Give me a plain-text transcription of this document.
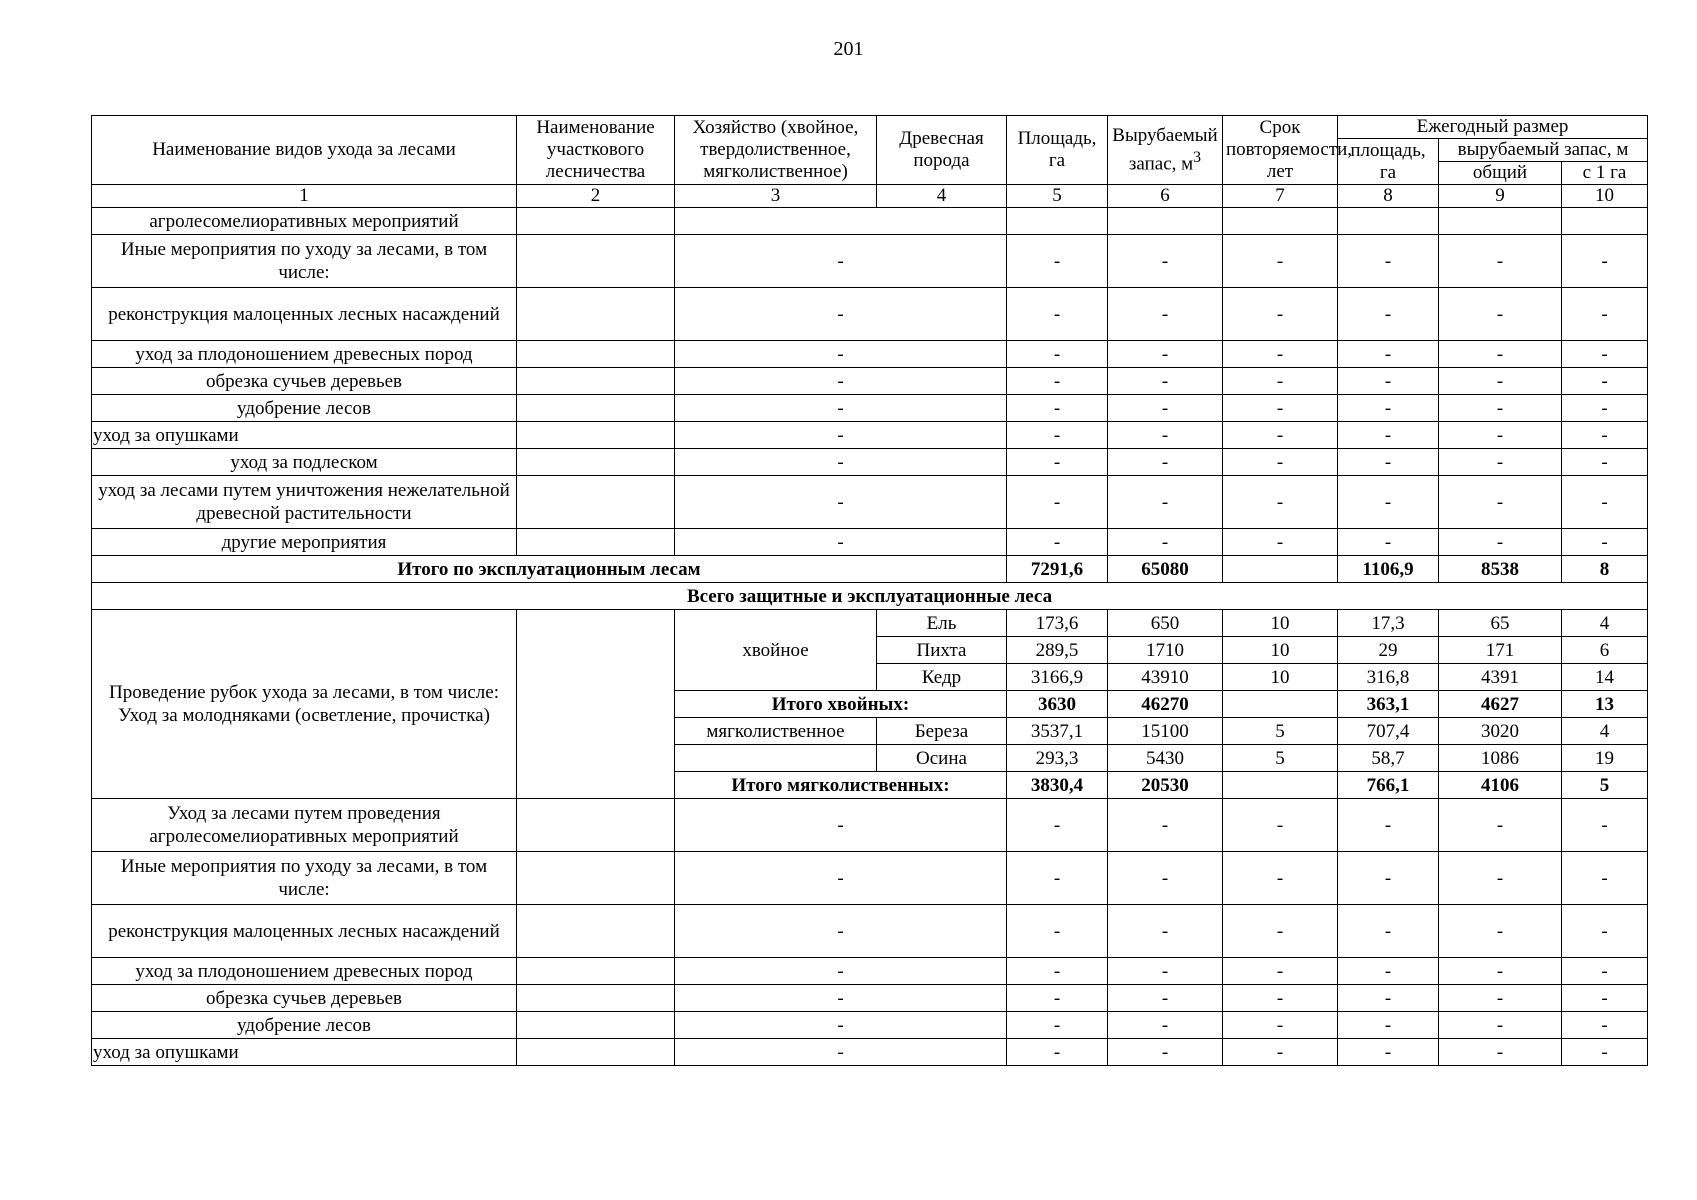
201
Наименование видов ухода за лесами	Наименование участкового лесничества	Хозяйство (хвойное, твердолиственное, мягколиственное)	Древесная порода	Площадь, га	Вырубаемый запас, $м^3$	Срок повторяемости, лет	Ежегодный размер		
							площадь, га	вырубаемый запас, м	
								общий	с 1 га
1	2	3	4	5	6	7	8	9	10
агролесомелиоративных мероприятий									
Иные мероприятия по уходу за лесами, в том числе:		-		-	-	-	-	-	-
реконструкция малоценных лесных насаждений		-		-	-	-	-	-	-
уход за плодоношением древесных пород		-		-	-	-	-	-	-
обрезка сучьев деревьев		-		-	-	-	-	-	-
удобрение лесов		-		-	-	-	-	-	-
уход за опушками		-		-	-	-	-	-	-
уход за подлеском		-		-	-	-	-	-	-
уход за лесами путем уничтожения нежелательной древесной растительности		-		-	-	-	-	-	-
другие мероприятия		-		-	-	-	-	-	-
Итого по эксплуатационным лесам				7291,6	65080		1106,9	8538	8
Всего защитные и эксплуатационные леса									
Проведение рубок ухода за лесами, в том числе: Уход за молодняками (осветление, прочистка)		хвойное	Ель	173,6	650	10	17,3	65	4
			Пихта	289,5	1710	10	29	171	6
			Кедр	3166,9	43910	10	316,8	4391	14
		Итого хвойных:		3630	46270		363,1	4627	13
		мягколиственное	Береза	3537,1	15100	5	707,4	3020	4
			Осина	293,3	5430	5	58,7	1086	19
		Итого мягколиственных:		3830,4	20530		766,1	4106	5
Уход за лесами путем проведения агролесомелиоративных мероприятий		-		-	-	-	-	-	-
Иные мероприятия по уходу за лесами, в том числе:		-		-	-	-	-	-	-
реконструкция малоценных лесных насаждений		-		-	-	-	-	-	-
уход за плодоношением древесных пород		-		-	-	-	-	-	-
обрезка сучьев деревьев		-		-	-	-	-	-	-
удобрение лесов		-		-	-	-	-	-	-
уход за опушками		-		-	-	-	-	-	-
